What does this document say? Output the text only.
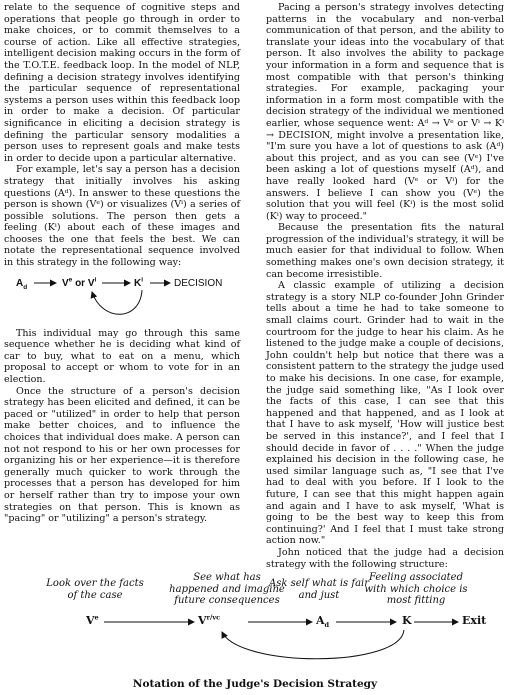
relate to the sequence of cognitive steps and operations that people go through in order to make choices, or to commit themselves to a course of action. Like all effective strategies, intelligent decision making occurs in the form of the T.O.T.E. feedback loop. In the model of NLP, defining a decision strategy involves identifying the particular sequence of representational systems a person uses within this feedback loop in order to make a decision. Of particular significance in eliciting a decision strategy is defining the particular sensory modalities a person uses to represent goals and make tests in order to decide upon a particular alternative.

For example, let's say a person has a decision strategy that initially involves his asking questions (Aᵈ). In answer to these questions the person is shown (Vᵉ) or visualizes (Vⁱ) a series of possible solutions. The person then gets a feeling (Kⁱ) about each of these images and chooses the one that feels the best. We can notate the representational sequence involved in this strategy in the following way:

$A_d$	Ve or $V^i$	$K^i$	DECISION

This individual may go through this same sequence whether he is deciding what kind of car to buy, what to eat on a menu, which proposal to accept or whom to vote for in an election.

Once the structure of a person's decision strategy has been elicited and defined, it can be paced or "utilized" in order to help that person make better choices, and to influence the choices that individual does make. A person can not not respond to his or her own processes for organizing his or her experience—it is therefore generally much quicker to work through the processes that a person has developed for him or herself rather than try to impose your own strategies on that person. This is known as "pacing" or "utilizing" a person's strategy.

Pacing a person's strategy involves detecting patterns in the vocabulary and non-verbal communication of that person, and the ability to translate your ideas into the vocabulary of that person. It also involves the ability to package your information in a form and sequence that is most compatible with that person's thinking strategies. For example, packaging your information in a form most compatible with the decision strategy of the individual we mentioned earlier, whose sequence went: Aᵈ → Vᵉ or Vⁱ → Kⁱ → DECISION, might involve a presentation like, "I'm sure you have a lot of questions to ask (Aᵈ) about this project, and as you can see (Vᵉ) I've been asking a lot of questions myself (Aᵈ), and have really looked hard (Vᵉ or Vⁱ) for the answers. I believe I can show you (Vᵉ) the solution that you will feel (Kⁱ) is the most solid (Kⁱ) way to proceed."

Because the presentation fits the natural progression of the individual's strategy, it will be much easier for that individual to follow. When something makes one's own decision strategy, it can become irresistible.

A classic example of utilizing a decision strategy is a story NLP co-founder John Grinder tells about a time he had to take someone to small claims court. Grinder had to wait in the courtroom for the judge to hear his claim. As he listened to the judge make a couple of decisions, John couldn't help but notice that there was a consistent pattern to the strategy the judge used to make his decisions. In one case, for example, the judge said something like, "As I look over the facts of this case, I can see that this happened and that happened, and as I look at that I have to ask myself, 'How will justice best be served in this instance?', and I feel that I should decide in favor of . . . ." When the judge explained his decision in the following case, he used similar language such as, "I see that I've had to deal with you before. If I look to the future, I can see that this might happen again and again and I have to ask myself, 'What is going to be the best way to keep this from continuing?' And I feel that I must take strong action now."

John noticed that the judge had a decision strategy with the following structure:

Look over the facts of the case
See what has happened and imagine future consequences
Ask self what is fair and just
Feeling associated with which choice is most fitting
Ve	$V^{r/vc}$	$A_d$	K	Exit
Notation of the Judge's Decision Strategy
